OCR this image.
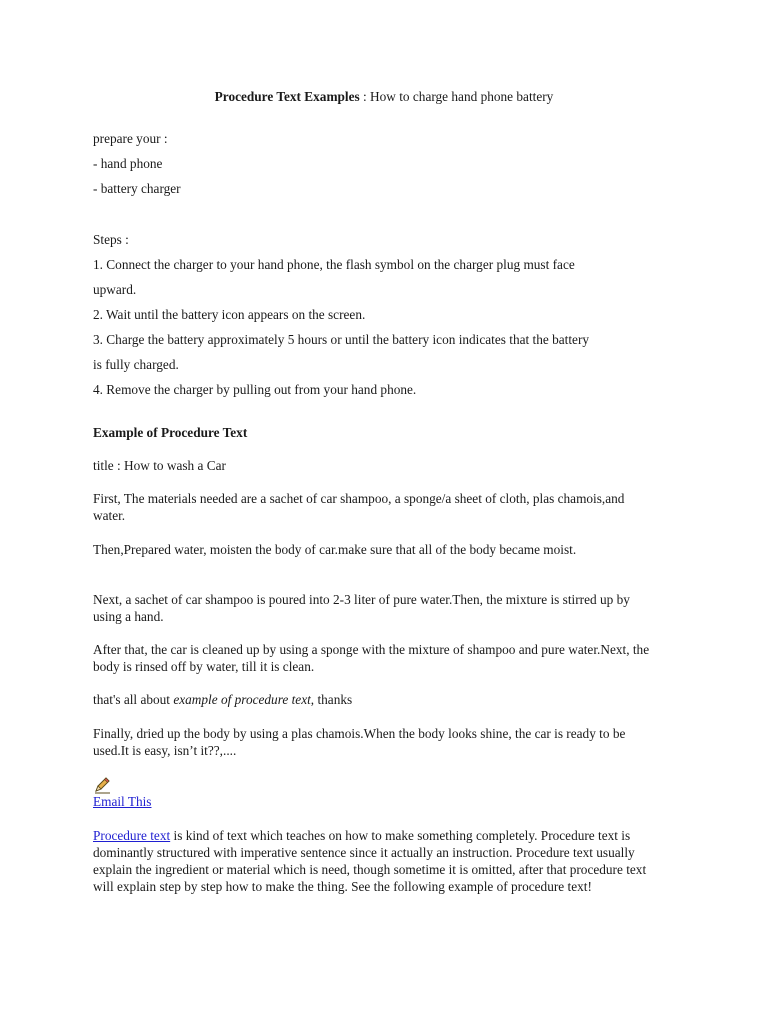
Procedure Text Examples : How to charge hand phone battery
prepare your :
- hand phone
- battery charger
Steps :
1. Connect the charger to your hand phone, the flash symbol on the charger plug must face
upward.
2. Wait until the battery icon appears on the screen.
3. Charge the battery approximately 5 hours or until the battery icon indicates that the battery
is fully charged.
4. Remove the charger by pulling out from your hand phone.
Example of Procedure Text
title : How to wash a Car
First, The materials needed are a sachet of car shampoo, a sponge/a sheet of cloth, plas chamois,and water.
Then,Prepared water, moisten the body of car.make sure that all of the body became moist.
Next, a sachet of car shampoo is poured into 2-3 liter of pure water.Then, the mixture is stirred up by using a hand.
After that, the car is cleaned up by using a sponge with the mixture of shampoo and pure water.Next, the body is rinsed off by water, till it is clean.
that's all about example of procedure text, thanks
Finally, dried up the body by using a plas chamois.When the body looks shine, the car is ready to be used.It is easy, isn’t it??,....
Email This
Procedure text is kind of text which teaches on how to make something completely. Procedure text is dominantly structured with imperative sentence since it actually an instruction. Procedure text usually explain the ingredient or material which is need, though sometime it is omitted, after that procedure text will explain step by step how to make the thing. See the following example of procedure text!
